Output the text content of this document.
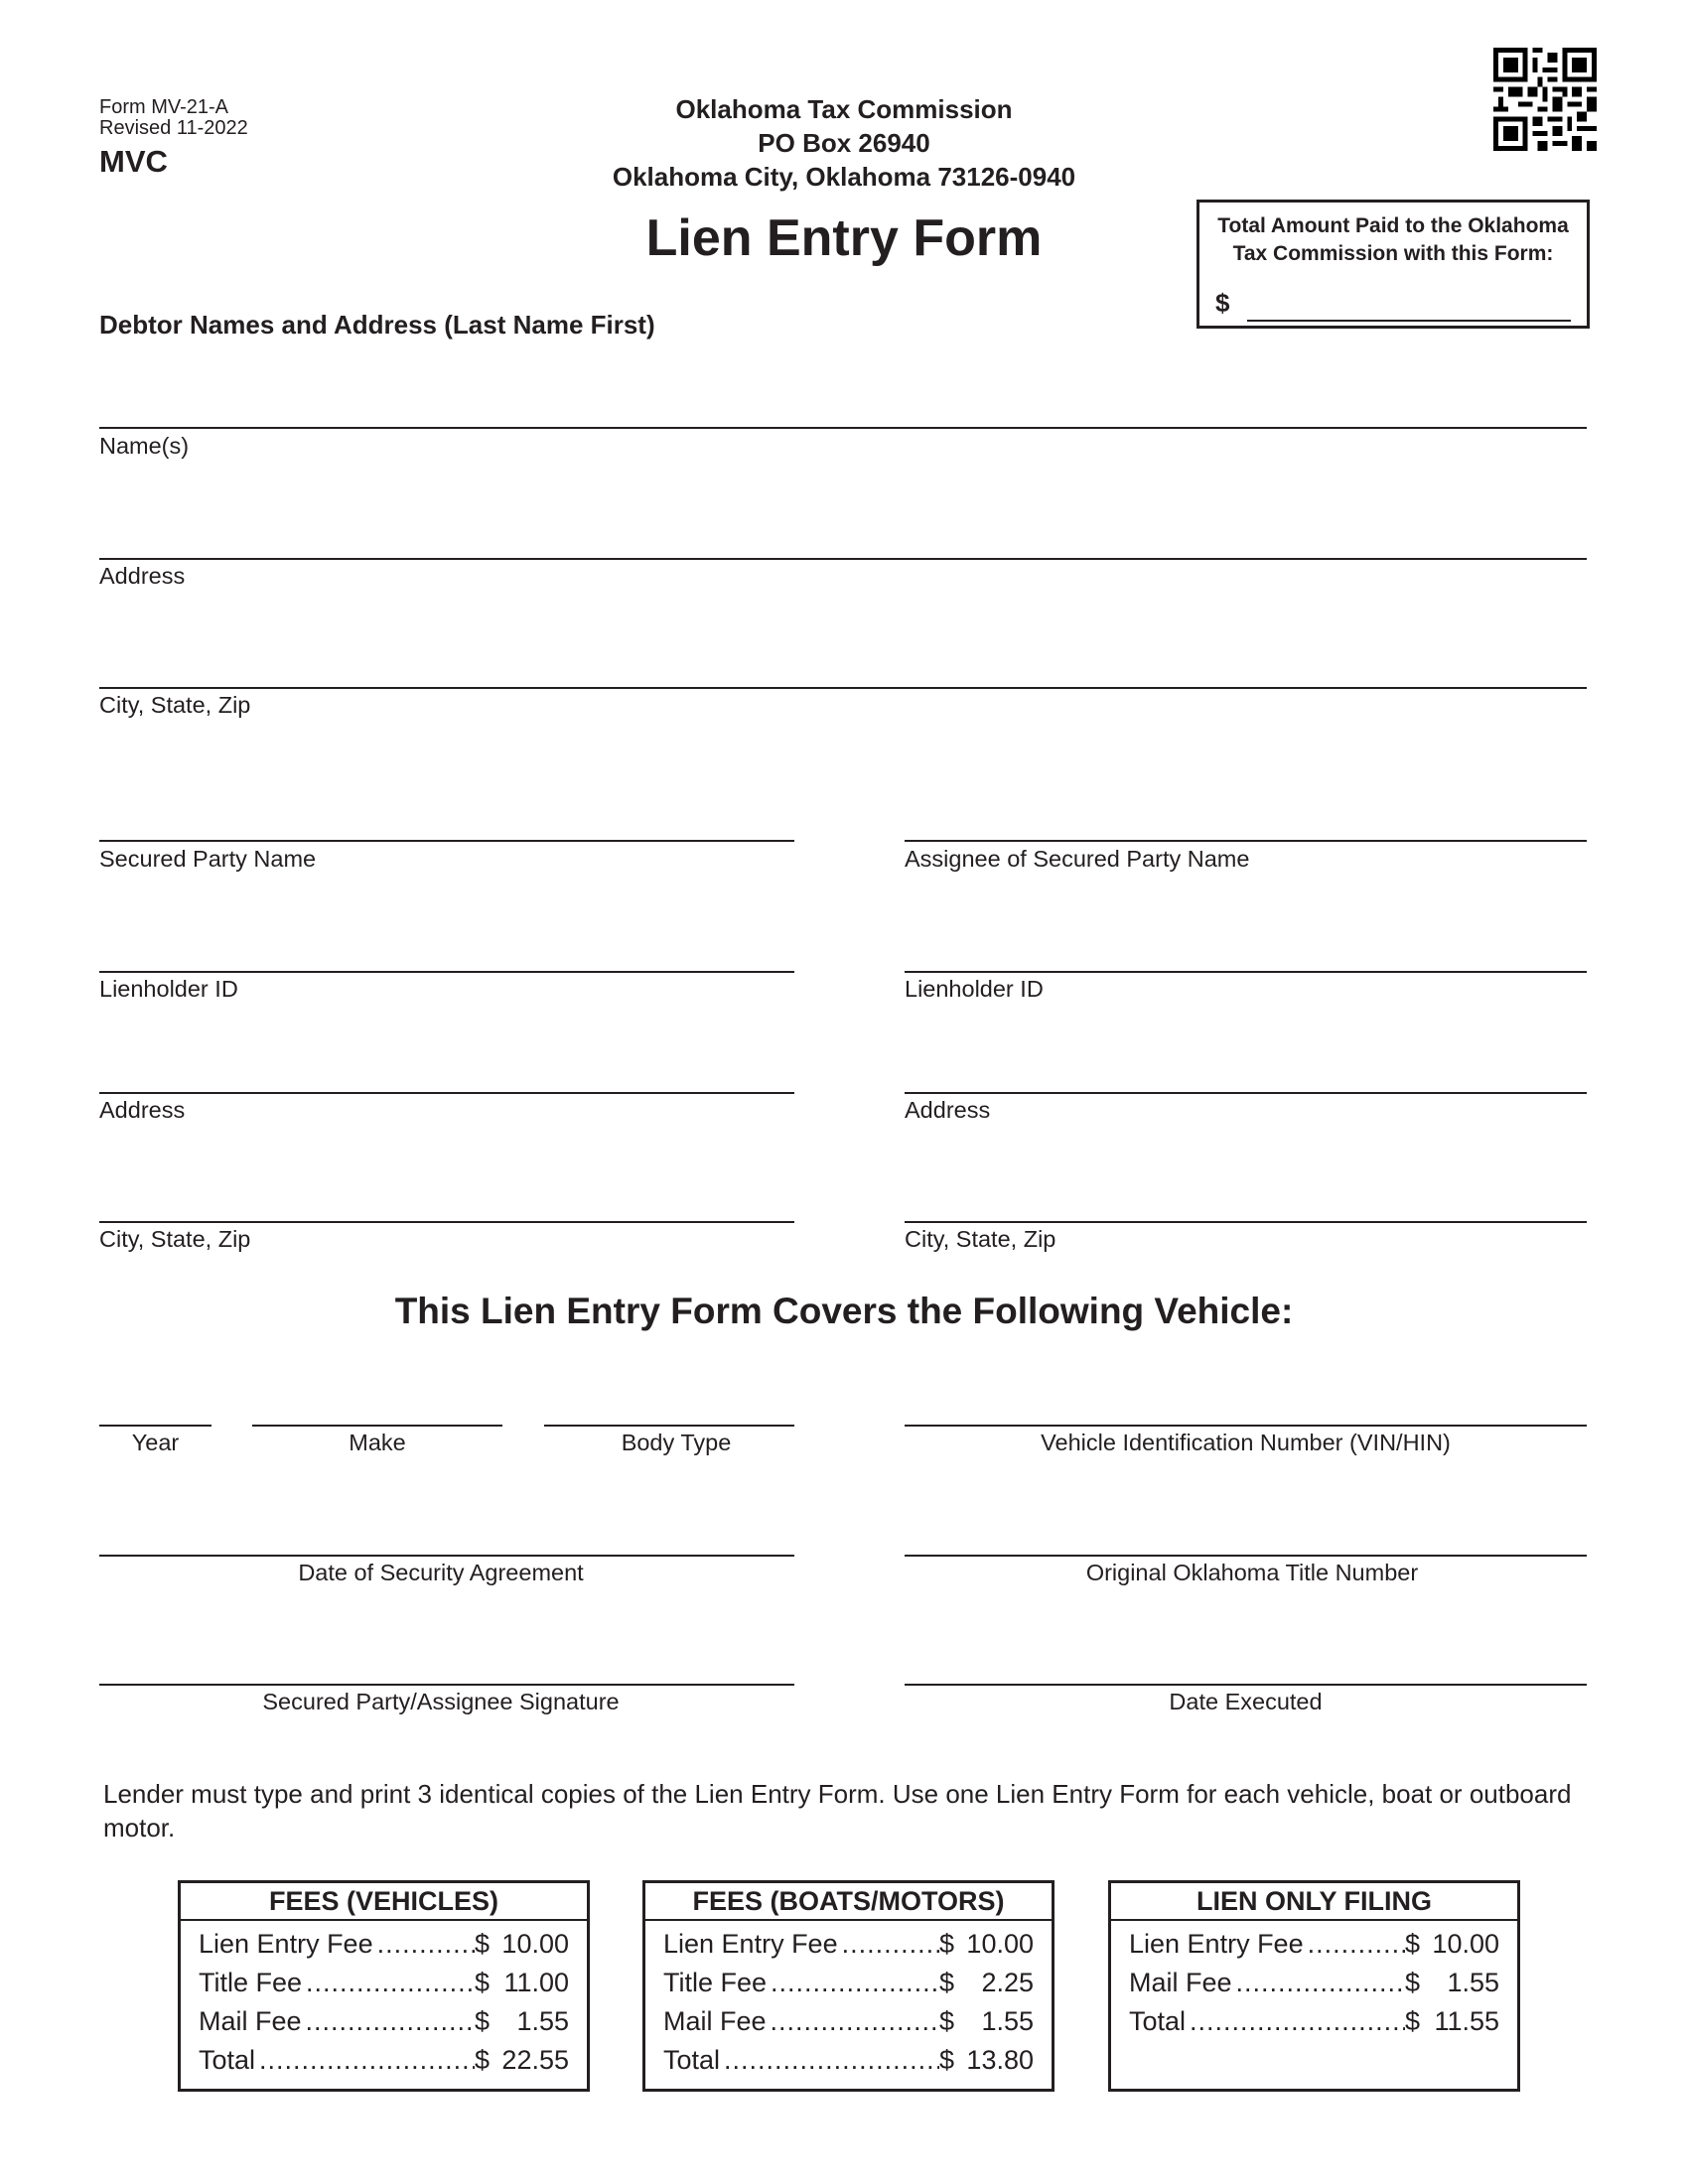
Form MV-21-A
Revised 11-2022
MVC
Oklahoma Tax Commission
PO Box 26940
Oklahoma City, Oklahoma 73126-0940
Lien Entry Form	Total Amount Paid to the Oklahoma
Tax Commission with this Form:
$
Debtor Names and Address (Last Name First)
Name(s)
Address
City, State, Zip
Secured Party Name
Lienholder ID
Address
City, State, Zip
Assignee of Secured Party Name
Lienholder ID
Address
City, State, Zip
This Lien Entry Form Covers the Following Vehicle:
Year	Make	Body Type	Vehicle Identification Number (VIN/HIN)
Date of Security Agreement	Original Oklahoma Title Number
Secured Party/Assignee Signature	Date Executed
Lender must type and print 3 identical copies of the Lien Entry Form. Use one Lien Entry Form for each vehicle, boat or outboard motor.
FEES (VEHICLES)
Lien Entry Fee .....	$ 10.00
Title Fee .....	$ 11.00
Mail Fee .....	$ 1.55
Total .....	$ 22.55
FEES (BOATS/MOTORS)
Lien Entry Fee .....	$ 10.00
Title Fee .....	$ 2.25
Mail Fee .....	$ 1.55
Total .....	$ 13.80
LIEN ONLY FILING
Lien Entry Fee .....	$ 10.00
Mail Fee .....	$ 1.55
Total .....	$ 11.55
